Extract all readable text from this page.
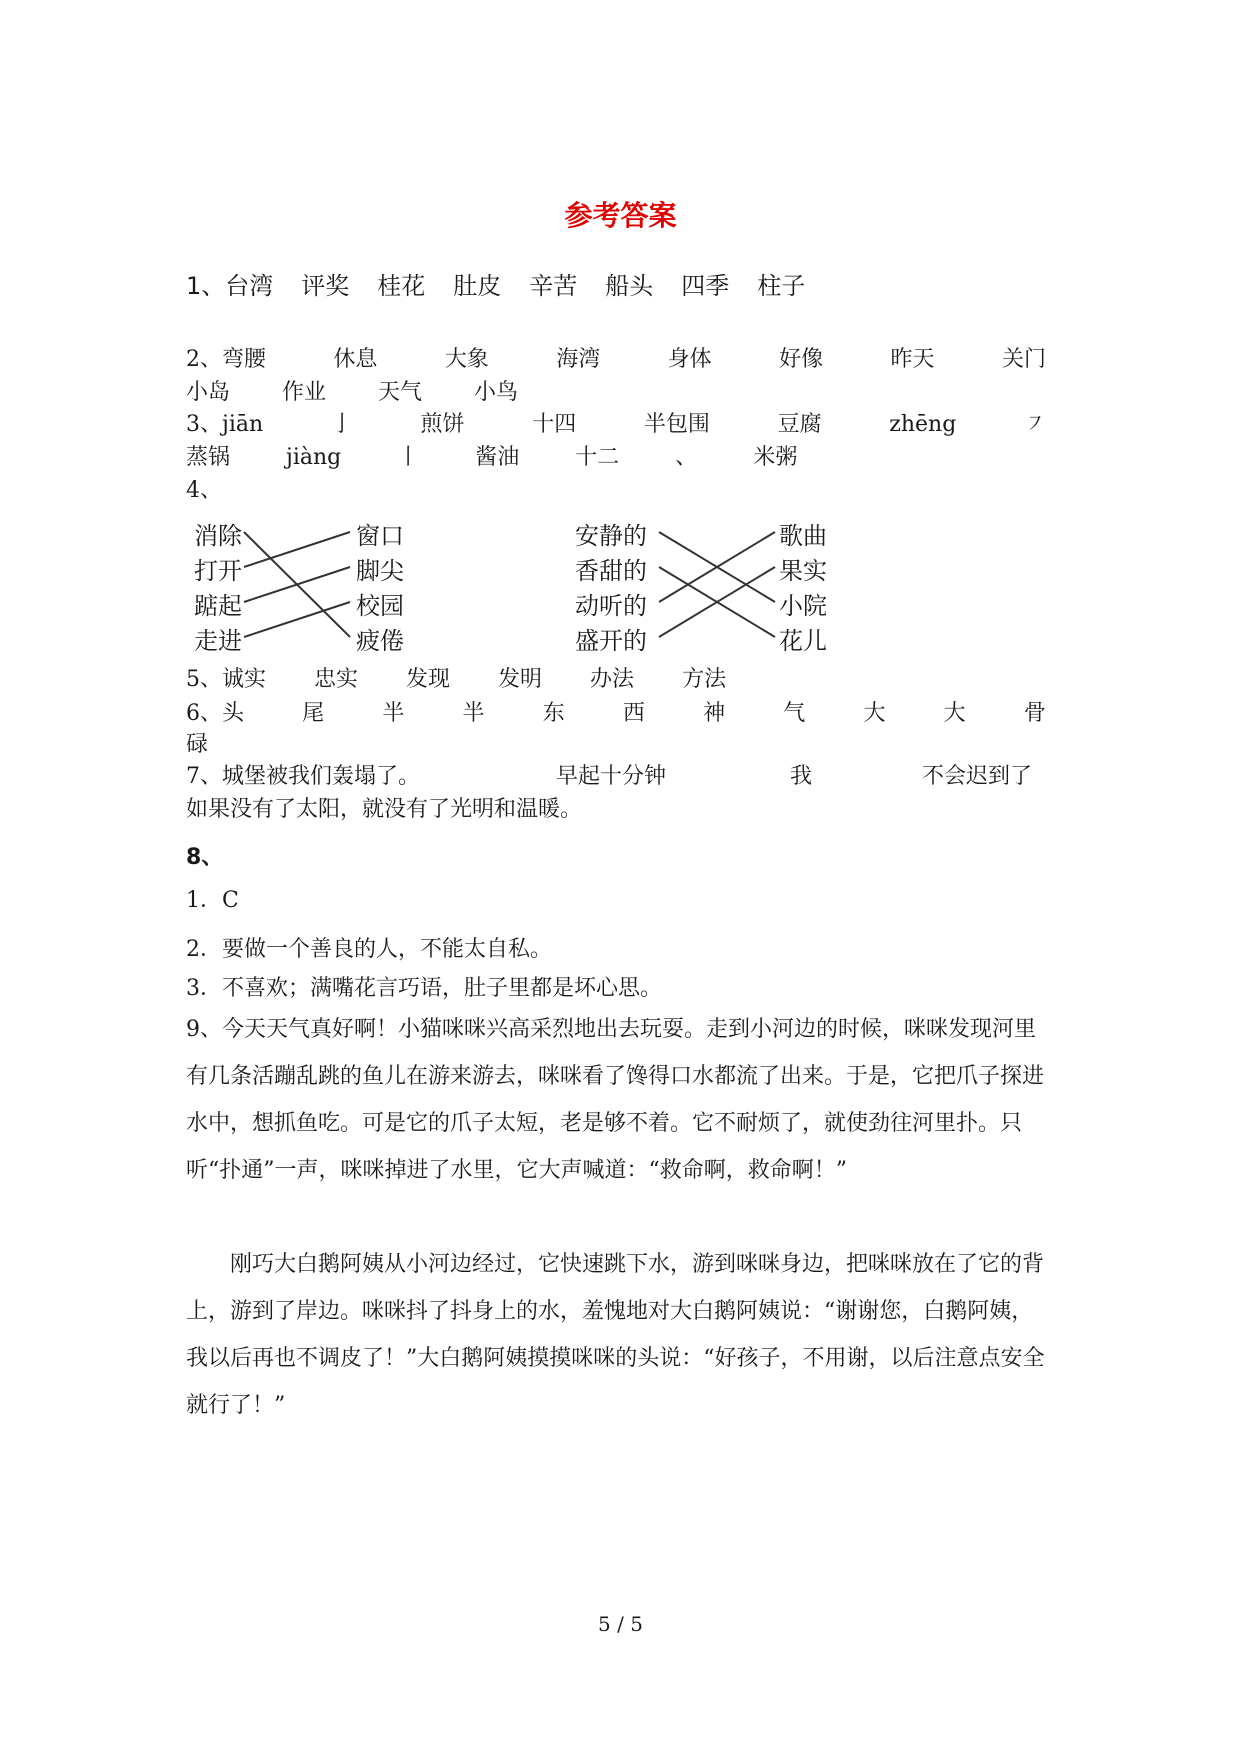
参考答案
1、台湾 评奖 桂花 肚皮 辛苦 船头 四季 柱子
2、弯腰	休息	大象	海湾	身体	好像	昨天	关门
小岛 作业 天气 小鸟
3、jiān	亅	煎饼	十四	半包围	豆腐	zhēng	㇇
蒸锅	jiàng	丨	酱油	十二	、	米粥
4、
消除
打开
踮起
走进
窗口
脚尖
校园
疲倦
安静的
香甜的
动听的
盛开的
歌曲
果实
小院
花儿
5、诚实 忠实 发现 发明 办法 方法
6、头	尾	半	半	东	西	神	气	大	大	骨
碌
7、城堡被我们轰塌了。	早起十分钟	我	不会迟到了
如果没有了太阳，就没有了光明和温暖。
8、
1．C
2．要做一个善良的人，不能太自私。
3．不喜欢；满嘴花言巧语，肚子里都是坏心思。
9、今天天气真好啊！小猫咪咪兴高采烈地出去玩耍。走到小河边的时候，咪咪发现河里有几条活蹦乱跳的鱼儿在游来游去，咪咪看了馋得口水都流了出来。于是，它把爪子探进水中，想抓鱼吃。可是它的爪子太短，老是够不着。它不耐烦了，就使劲往河里扑。只听“扑通”一声，咪咪掉进了水里，它大声喊道：“救命啊，救命啊！”
刚巧大白鹅阿姨从小河边经过，它快速跳下水，游到咪咪身边，把咪咪放在了它的背上，游到了岸边。咪咪抖了抖身上的水，羞愧地对大白鹅阿姨说：“谢谢您，白鹅阿姨，我以后再也不调皮了！”大白鹅阿姨摸摸咪咪的头说：“好孩子，不用谢，以后注意点安全就行了！”
5 / 5
